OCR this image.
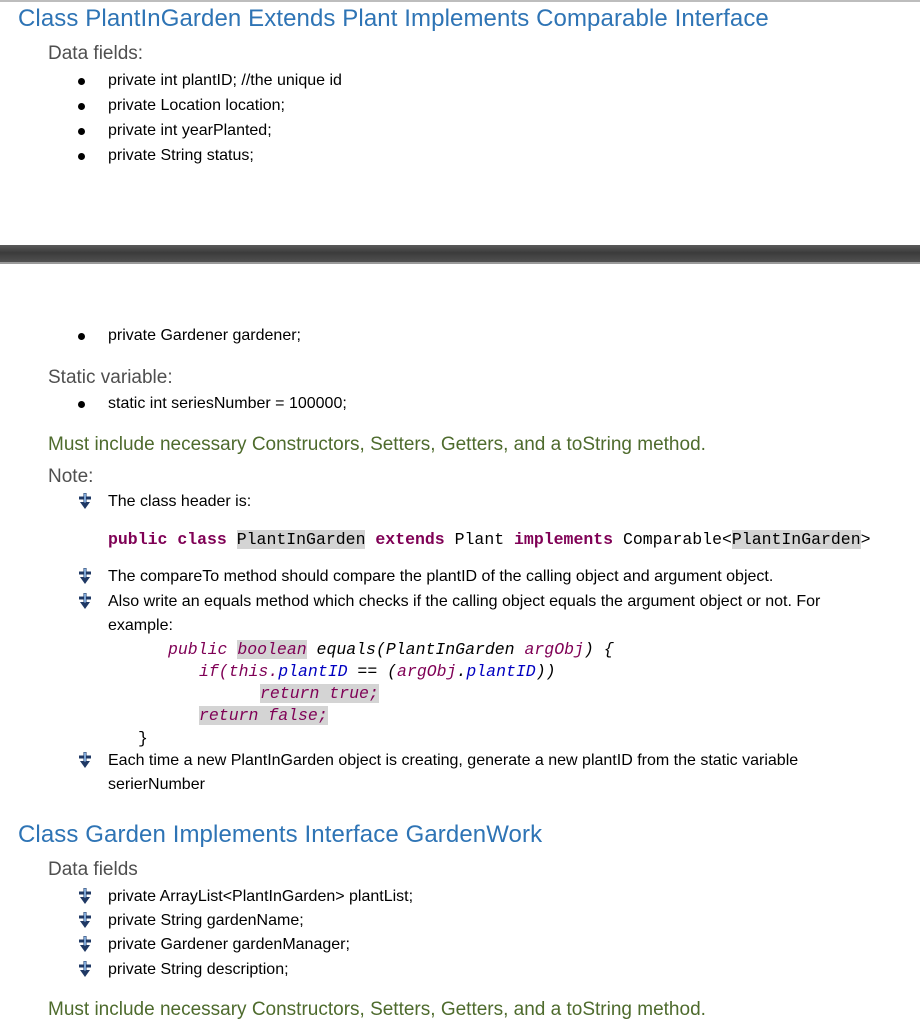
Class PlantInGarden Extends Plant Implements Comparable Interface
Data fields:
private int plantID; //the unique id
private Location location;
private int yearPlanted;
private String status;
private Gardener gardener;
Static variable:
static int seriesNumber = 100000;
Must include necessary Constructors, Setters, Getters, and a toString method.
Note:
The class header is:
public class PlantInGarden extends Plant implements Comparable<PlantInGarden>
The compareTo method should compare the plantID of the calling object and argument object.
Also write an equals method which checks if the calling object equals the argument object or not. For
example:
public boolean equals(PlantInGarden argObj) {
if(this.plantID == (argObj.plantID))
return true;
return false;
}
Each time a new PlantInGarden object is creating, generate a new plantID from the static variable
serierNumber
Class Garden Implements Interface GardenWork
Data fields
private ArrayList<PlantInGarden> plantList;
private String gardenName;
private Gardener gardenManager;
private String description;
Must include necessary Constructors, Setters, Getters, and a toString method.
